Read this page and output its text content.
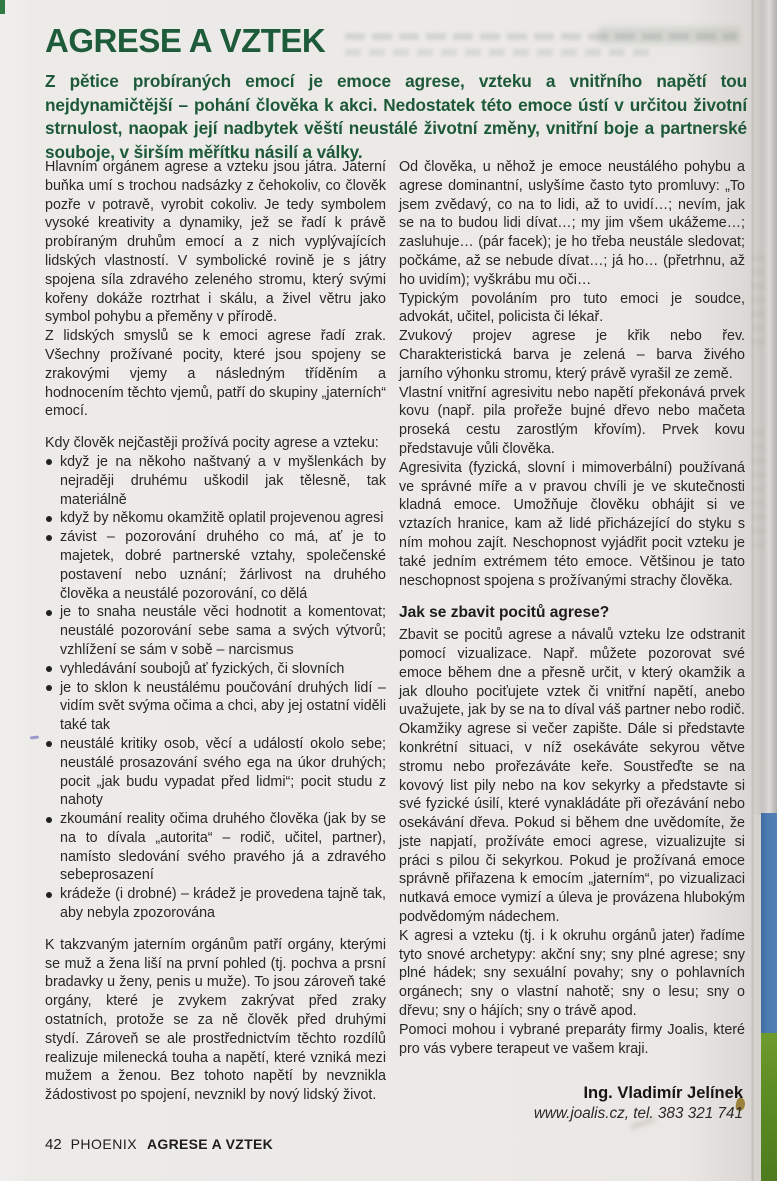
AGRESE A VZTEK

Z pětice probíraných emocí je emoce agrese, vzteku a vnitřního napětí tou nejdynamičtější – pohání člověka k akci. Nedostatek této emoce ústí v určitou životní strnulost, naopak její nadbytek věští neustálé životní změny, vnitřní boje a partnerské souboje, v širším měřítku násilí a války.

Hlavním orgánem agrese a vzteku jsou játra. Jaterní buňka umí s trochou nadsázky z čehokoliv, co člověk pozře v potravě, vyrobit cokoliv. Je tedy symbolem vysoké kreativity a dynamiky, jež se řadí k právě probíraným druhům emocí a z nich vyplývajících lidských vlastností. V symbolické rovině je s játry spojena síla zdravého zeleného stromu, který svými kořeny dokáže roztrhat i skálu, a živel větru jako symbol pohybu a přeměny v přírodě.

Z lidských smyslů se k emoci agrese řadí zrak. Všechny prožívané pocity, které jsou spojeny se zrakovými vjemy a následným tříděním a hodnocením těchto vjemů, patří do skupiny „jaterních“ emocí.

Kdy člověk nejčastěji prožívá pocity agrese a vzteku:

když je na někoho naštvaný a v myšlenkách by nejraději druhému uškodil jak tělesně, tak materiálně
když by někomu okamžitě oplatil projevenou agresi
závist – pozorování druhého co má, ať je to majetek, dobré partnerské vztahy, společenské postavení nebo uznání; žárlivost na druhého člověka a neustálé pozorování, co dělá
je to snaha neustále věci hodnotit a komentovat; neustálé pozorování sebe sama a svých výtvorů; vzhlížení se sám v sobě – narcismus
vyhledávání soubojů ať fyzických, či slovních
je to sklon k neustálému poučování druhých lidí – vidím svět svýma očima a chci, aby jej ostatní viděli také tak
neustálé kritiky osob, věcí a událostí okolo sebe; neustálé prosazování svého ega na úkor druhých; pocit „jak budu vypadat před lidmi“; pocit studu z nahoty
zkoumání reality očima druhého člověka (jak by se na to dívala „autorita“ – rodič, učitel, partner), namísto sledování svého pravého já a zdravého sebeprosazení
krádeže (i drobné) – krádež je provedena tajně tak, aby nebyla zpozorována

K takzvaným jaterním orgánům patří orgány, kterými se muž a žena liší na první pohled (tj. pochva a prsní bradavky u ženy, penis u muže). To jsou zároveň také orgány, které je zvykem zakrývat před zraky ostatních, protože se za ně člověk před druhými stydí. Zároveň se ale prostřednictvím těchto rozdílů realizuje milenecká touha a napětí, které vzniká mezi mužem a ženou. Bez tohoto napětí by nevznikla žádostivost po spojení, nevznikl by nový lidský život.

Od člověka, u něhož je emoce neustálého pohybu a agrese dominantní, uslyšíme často tyto promluvy: „To jsem zvědavý, co na to lidi, až to uvidí…; nevím, jak se na to budou lidi dívat…; my jim všem ukážeme…; zasluhuje… (pár facek); je ho třeba neustále sledovat; počkáme, až se nebude dívat…; já ho… (přetrhnu, až ho uvidím); vyškrábu mu oči…

Typickým povoláním pro tuto emoci je soudce, advokát, učitel, policista či lékař.

Zvukový projev agrese je křik nebo řev. Charakteristická barva je zelená – barva živého jarního výhonku stromu, který právě vyrašil ze země.

Vlastní vnitřní agresivitu nebo napětí překonává prvek kovu (např. pila prořeže bujné dřevo nebo mačeta proseká cestu zarostlým křovím). Prvek kovu představuje vůli člověka.

Agresivita (fyzická, slovní i mimoverbální) používaná ve správné míře a v pravou chvíli je ve skutečnosti kladná emoce. Umožňuje člověku obhájit si ve vztazích hranice, kam až lidé přicházející do styku s ním mohou zajít. Neschopnost vyjádřit pocit vzteku je také jedním extrémem této emoce. Většinou je tato neschopnost spojena s prožívanými strachy člověka.

Jak se zbavit pocitů agrese?

Zbavit se pocitů agrese a návalů vzteku lze odstranit pomocí vizualizace. Např. můžete pozorovat své emoce během dne a přesně určit, v který okamžik a jak dlouho pociťujete vztek či vnitřní napětí, anebo uvažujete, jak by se na to díval váš partner nebo rodič. Okamžiky agrese si večer zapište. Dále si představte konkrétní situaci, v níž osekáváte sekyrou větve stromu nebo prořezáváte keře. Soustřeďte se na kovový list pily nebo na kov sekyrky a představte si své fyzické úsilí, které vynakládáte při ořezávání nebo osekávání dřeva. Pokud si během dne uvědomíte, že jste napjatí, prožíváte emoci agrese, vizualizujte si práci s pilou či sekyrkou. Pokud je prožívaná emoce správně přiřazena k emocím „jaterním“, po vizualizaci nutkavá emoce vymizí a úleva je provázena hlubokým podvědomým nádechem.

K agresi a vzteku (tj. i k okruhu orgánů jater) řadíme tyto snové archetypy: akční sny; sny plné agrese; sny plné hádek; sny sexuální povahy; sny o pohlavních orgánech; sny o vlastní nahotě; sny o lesu; sny o dřevu; sny o hájích; sny o trávě apod.

Pomoci mohou i vybrané preparáty firmy Joalis, které pro vás vybere terapeut ve vašem kraji.

Ing. Vladimír Jelínek
www.joalis.cz, tel. 383 321 741
42 PHOENIX AGRESE A VZTEK
